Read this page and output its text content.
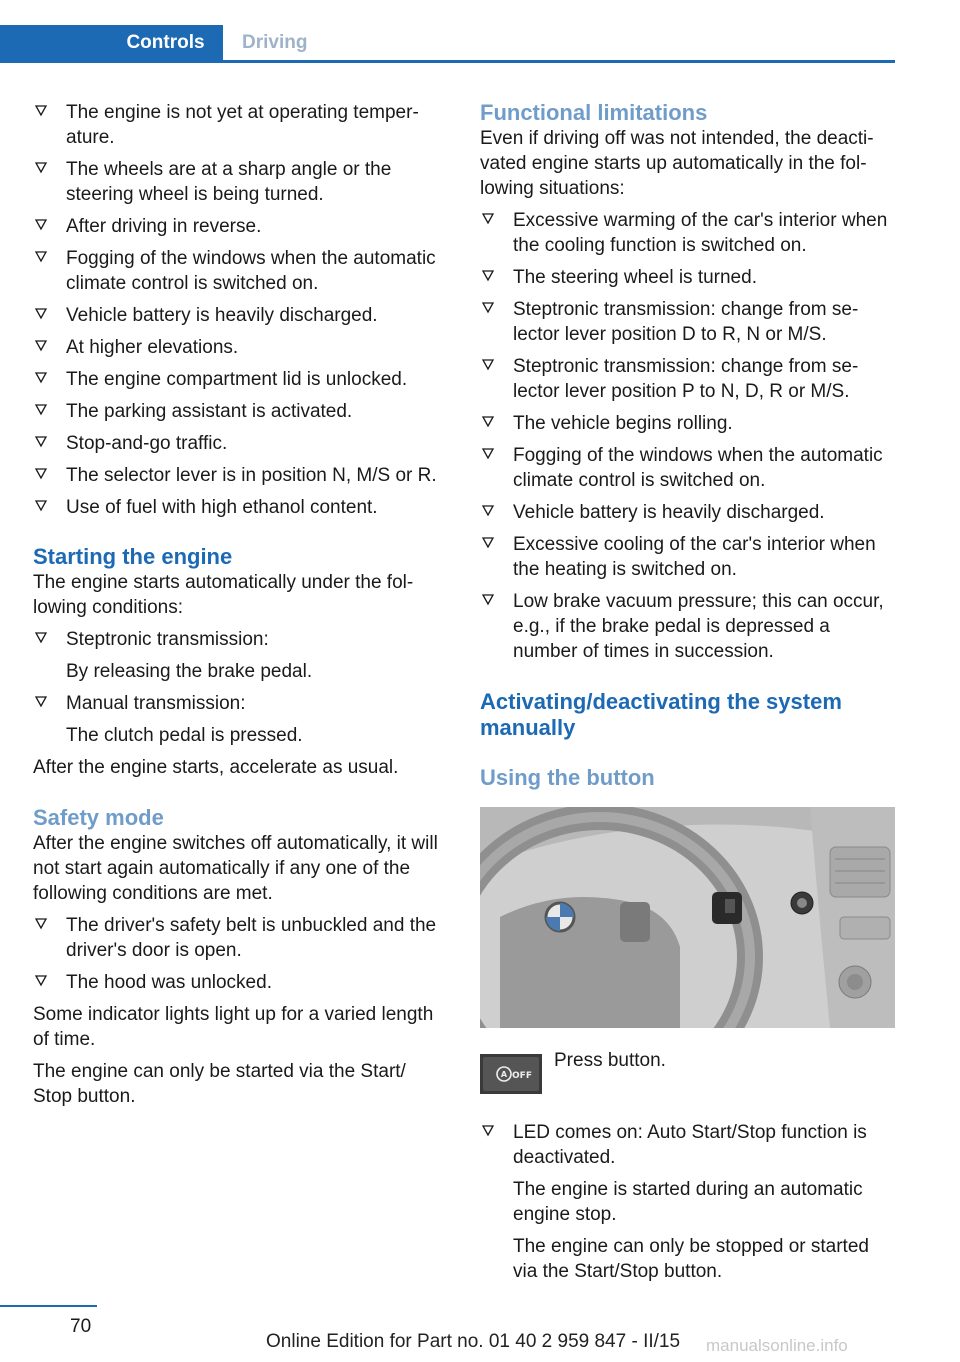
Controls	Driving
The engine is not yet at operating temperature.
The wheels are at a sharp angle or the steering wheel is being turned.
After driving in reverse.
Fogging of the windows when the automatic climate control is switched on.
Vehicle battery is heavily discharged.
At higher elevations.
The engine compartment lid is unlocked.
The parking assistant is activated.
Stop-and-go traffic.
The selector lever is in position N, M/S or R.
Use of fuel with high ethanol content.
Starting the engine

The engine starts automatically under the following conditions:

Steptronic transmission:
By releasing the brake pedal.
Manual transmission:
The clutch pedal is pressed.

After the engine starts, accelerate as usual.

Safety mode

After the engine switches off automatically, it will not start again automatically if any one of the following conditions are met.

The driver's safety belt is unbuckled and the driver's door is open.
The hood was unlocked.

Some indicator lights light up for a varied length of time.

The engine can only be started via the Start/ Stop button.

Functional limitations

Even if driving off was not intended, the deactivated engine starts up automatically in the following situations:

Excessive warming of the car's interior when the cooling function is switched on.
The steering wheel is turned.
Steptronic transmission: change from selector lever position D to R, N or M/S.
Steptronic transmission: change from selector lever position P to N, D, R or M/S.
The vehicle begins rolling.
Fogging of the windows when the automatic climate control is switched on.
Vehicle battery is heavily discharged.
Excessive cooling of the car's interior when the heating is switched on.
Low brake vacuum pressure; this can occur, e.g., if the brake pedal is depressed a number of times in succession.
Activating/deactivating the system manually
Using the button
A OFF
Press button.
LED comes on: Auto Start/Stop function is deactivated.
The engine is started during an automatic engine stop.
The engine can only be stopped or started via the Start/Stop button.
70
Online Edition for Part no. 01 40 2 959 847 - II/15 manualsonline.info
